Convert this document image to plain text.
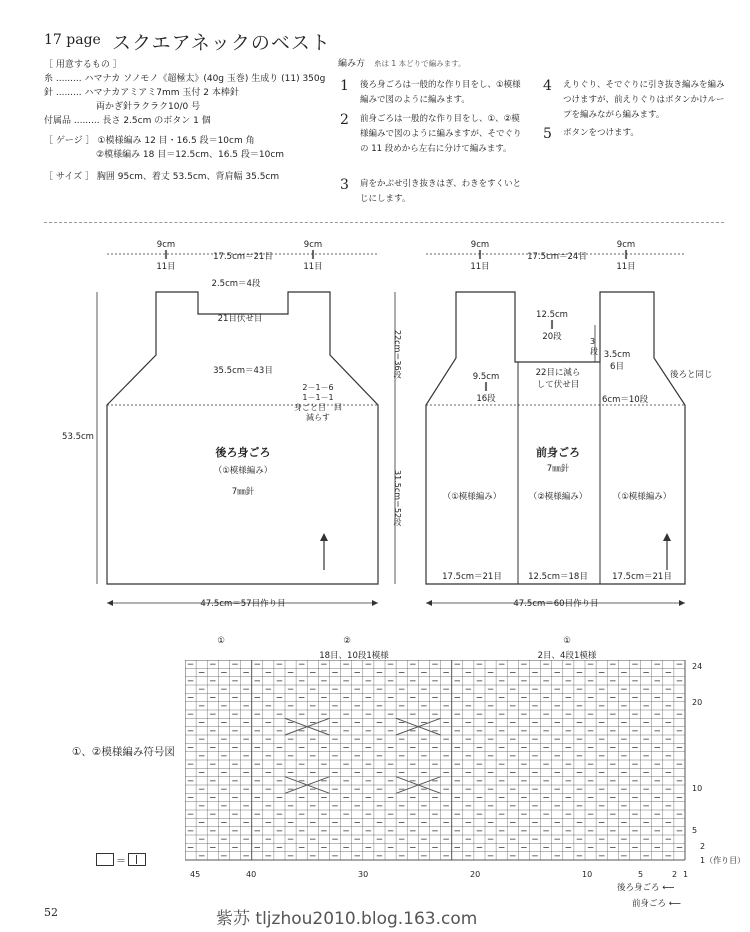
17 page スクエアネックのベスト
［ 用意するもの ］
糸 ......... ハマナカ ソノモノ《超極太》(40g 玉巻) 生成り (11) 350g
針 ......... ハマナカアミアミ7mm 玉付 2 本棒針
両かぎ針ラクラク10/0 号
付属品 ......... 長さ 2.5cm のボタン 1 個
［ ゲージ ］ ①模様編み 12 目・16.5 段＝10cm 角
②模様編み 18 目＝12.5cm、16.5 段＝10cm
［ サイズ ］ 胸囲 95cm、着丈 53.5cm、背肩幅 35.5cm
編み方　 糸は 1 本どりで編みます。
1 後ろ身ごろは一般的な作り目をし、①模様編みで図のように編みます。
2 前身ごろは一般的な作り目をし、①、②模様編みで図のように編みますが、そでぐりの 11 段めから左右に分けて編みます。
3 肩をかぶせ引き抜きはぎ、わきをすくいとじにします。
4 えりぐり、そでぐりに引き抜き編みを編みつけますが、前えりぐりはボタンかけループを編みながら編みます。
5 ボタンをつけます。
9cm
‖
11目
17.5cm＝21目
9cm
‖
11目
2.5cm＝4段
21目伏せ目
35.5cm＝43目	22cm＝36段
2－1－6
1－1－1
身ごと目　回
減らす
後ろ身ごろ
（①模様編み）
7㎜針
53.5cm
31.5cm＝52段
47.5cm＝57目作り目
9cm
‖
11目
17.5cm＝24目
9cm
‖
11目
12.5cm
‖
20段
22目に減らして伏せ目
3段 3.5cm
6目
9.5cm
‖
16段	6cm＝10段
後ろと同じ
前身ごろ
7㎜針
（①模様編み）	（②模様編み）	（①模様編み）
17.5cm＝21目	12.5cm＝18目	17.5cm＝21目
47.5cm＝60目作り目
①	②
18目、10段1模様
①
2目、4段1模様
①、②模様編み符号図
＝
24
20
10
5
2
1（作り目）
45	40	30	20	10	5	2 1
後ろ身ごろ ⟵
前身ごろ ⟵
52	紫苏 tljzhou2010.blog.163.com
